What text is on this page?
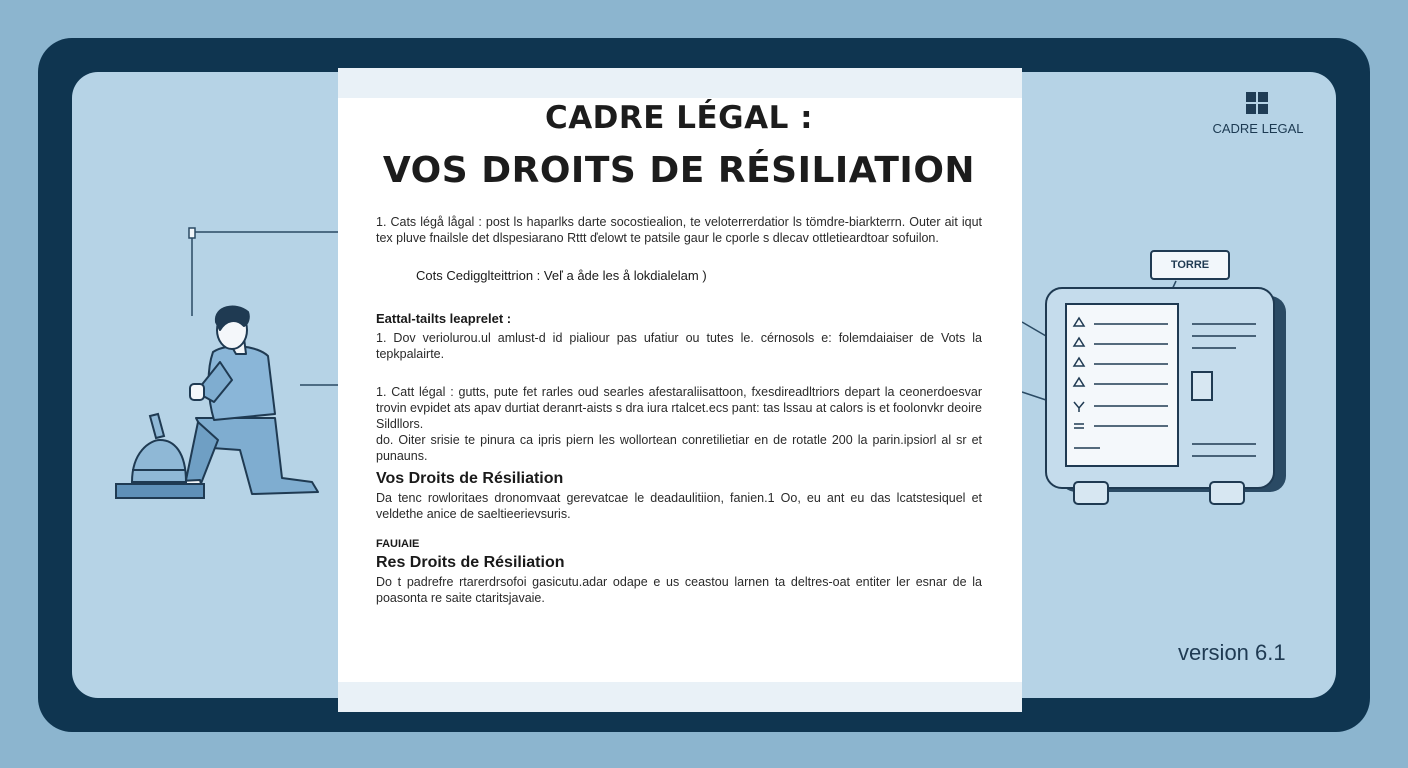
CADRE LÉGAL :
VOS DROITS DE RÉSILIATION

1. Cats légå lågal : post ls haparlks darte socostiealion, te veloterrerdatior ls tömdre-biarkterrn. Outer ait iqut tex pluve fnailsle det dlspesiarano Rttt ďelowt te patsile gaur le cporle s dlecav ottletieardtoar sofuilon.

Cots Cedigglteittrion : Veľ a åde les å lokdialelam )

Eattal-tailts leaprelet :

1. Dov veriolurou.ul amlust-d id pialiour pas ufatiur ou tutes le. cérnosols e: folemdaiaiser de Vots la tepkpalairte.

1. Catt légal : gutts, pute fet rarles oud searles afestaraliisattoon, fxesdireadltriors depart la ceonerdoesvar trovin evpidet ats apav durtiat deranrt-aists s dra iura rtalcet.ecs pant: tas lssau at calors is et foolonvkr deoire Sildllors.

do. Oiter srisie te pinura ca ipris piern les wollortean conretilietiar en de rotatle 200 la parin.ipsiorl al sr et punauns.

Vos Droits de Résiliation

Da tenc rowloritaes dronomvaat gerevatcae le deadaulitiion, fanien.1 Oo, eu ant eu das lcatstesiquel et veldethe anice de saeltieerievsuris.

FAUIAIE

Res Droits de Résiliation

Do t padrefre rtarerdrsofoi gasicutu.adar odape e us ceastou larnen ta deltres-oat entiter ler esnar de la poasonta re saite ctaritsjavaie.

CADRE LEGAL
TORRE
version 6.1
